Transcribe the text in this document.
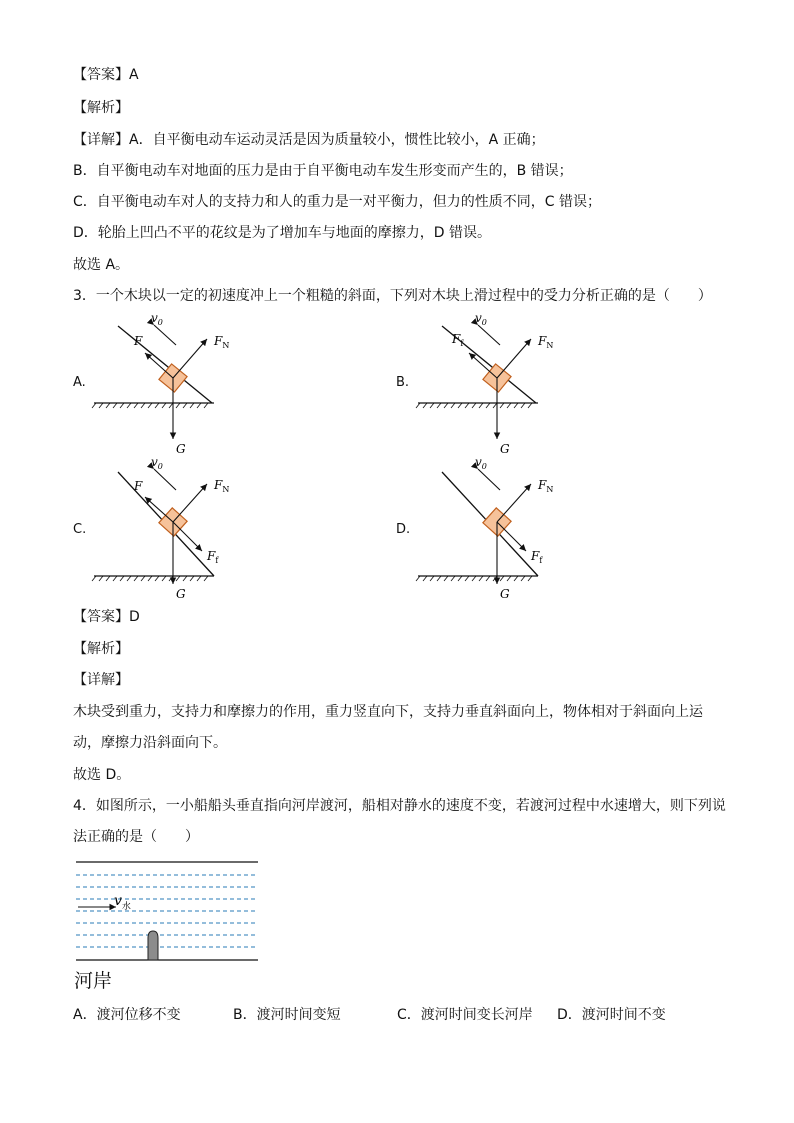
【答案】A
【解析】
【详解】A．自平衡电动车运动灵活是因为质量较小，惯性比较小，A 正确；
B．自平衡电动车对地面的压力是由于自平衡电动车发生形变而产生的，B 错误；
C．自平衡电动车对人的支持力和人的重力是一对平衡力，但力的性质不同，C 错误；
D．轮胎上凹凸不平的花纹是为了增加车与地面的摩擦力，D 错误。
故选 A。
3．一个木块以一定的初速度冲上一个粗糙的斜面，下列对木块上滑过程中的受力分析正确的是（　　）
A.	B.
C.	D.
$v_0$
F	$F_N$
G
$v_0$
$F_f$	$F_N$
G
$v_0$
F	$F_N$
$F_f$
G
$v_0$
$F_N$
$F_f$
G
【答案】D
【解析】
【详解】
木块受到重力，支持力和摩擦力的作用，重力竖直向下，支持力垂直斜面向上，物体相对于斜面向上运
动，摩擦力沿斜面向下。
故选 D。
4．如图所示，一小船船头垂直指向河岸渡河，船相对静水的速度不变，若渡河过程中水速增大，则下列说
法正确的是（　　）
$v_水$
河岸
A．渡河位移不变	B．渡河时间变短	C．渡河时间变长河岸 D．渡河时间不变
